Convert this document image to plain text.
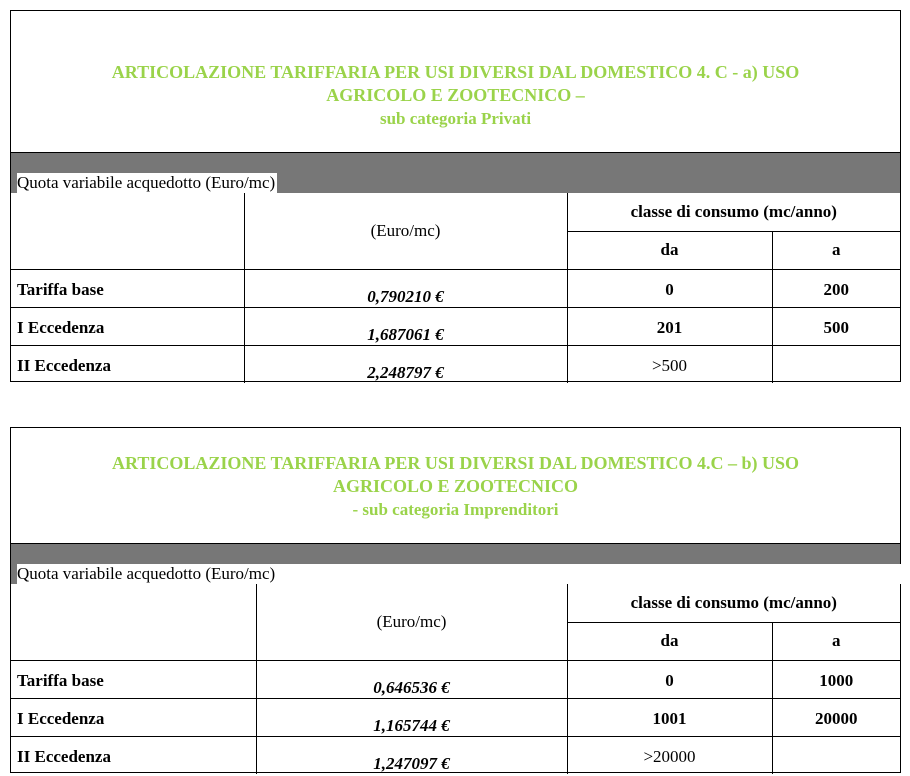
ARTICOLAZIONE TARIFFARIA PER USI DIVERSI DAL DOMESTICO 4. C - a) USO
AGRICOLO E ZOOTECNICO –
sub categoria Privati
Quota variabile acquedotto (Euro/mc)
	(Euro/mc)	classe di consumo (mc/anno)	
		da	a
Tariffa base	0,790210 €	0	200
I Eccedenza	1,687061 €	201	500
II Eccedenza	2,248797 €	>500	
ARTICOLAZIONE TARIFFARIA PER USI DIVERSI DAL DOMESTICO 4.C – b) USO
AGRICOLO E ZOOTECNICO
- sub categoria Imprenditori
Quota variabile acquedotto (Euro/mc)
	(Euro/mc)	classe di consumo (mc/anno)	
		da	a
Tariffa base	0,646536 €	0	1000
I Eccedenza	1,165744 €	1001	20000
II Eccedenza	1,247097 €	>20000	
